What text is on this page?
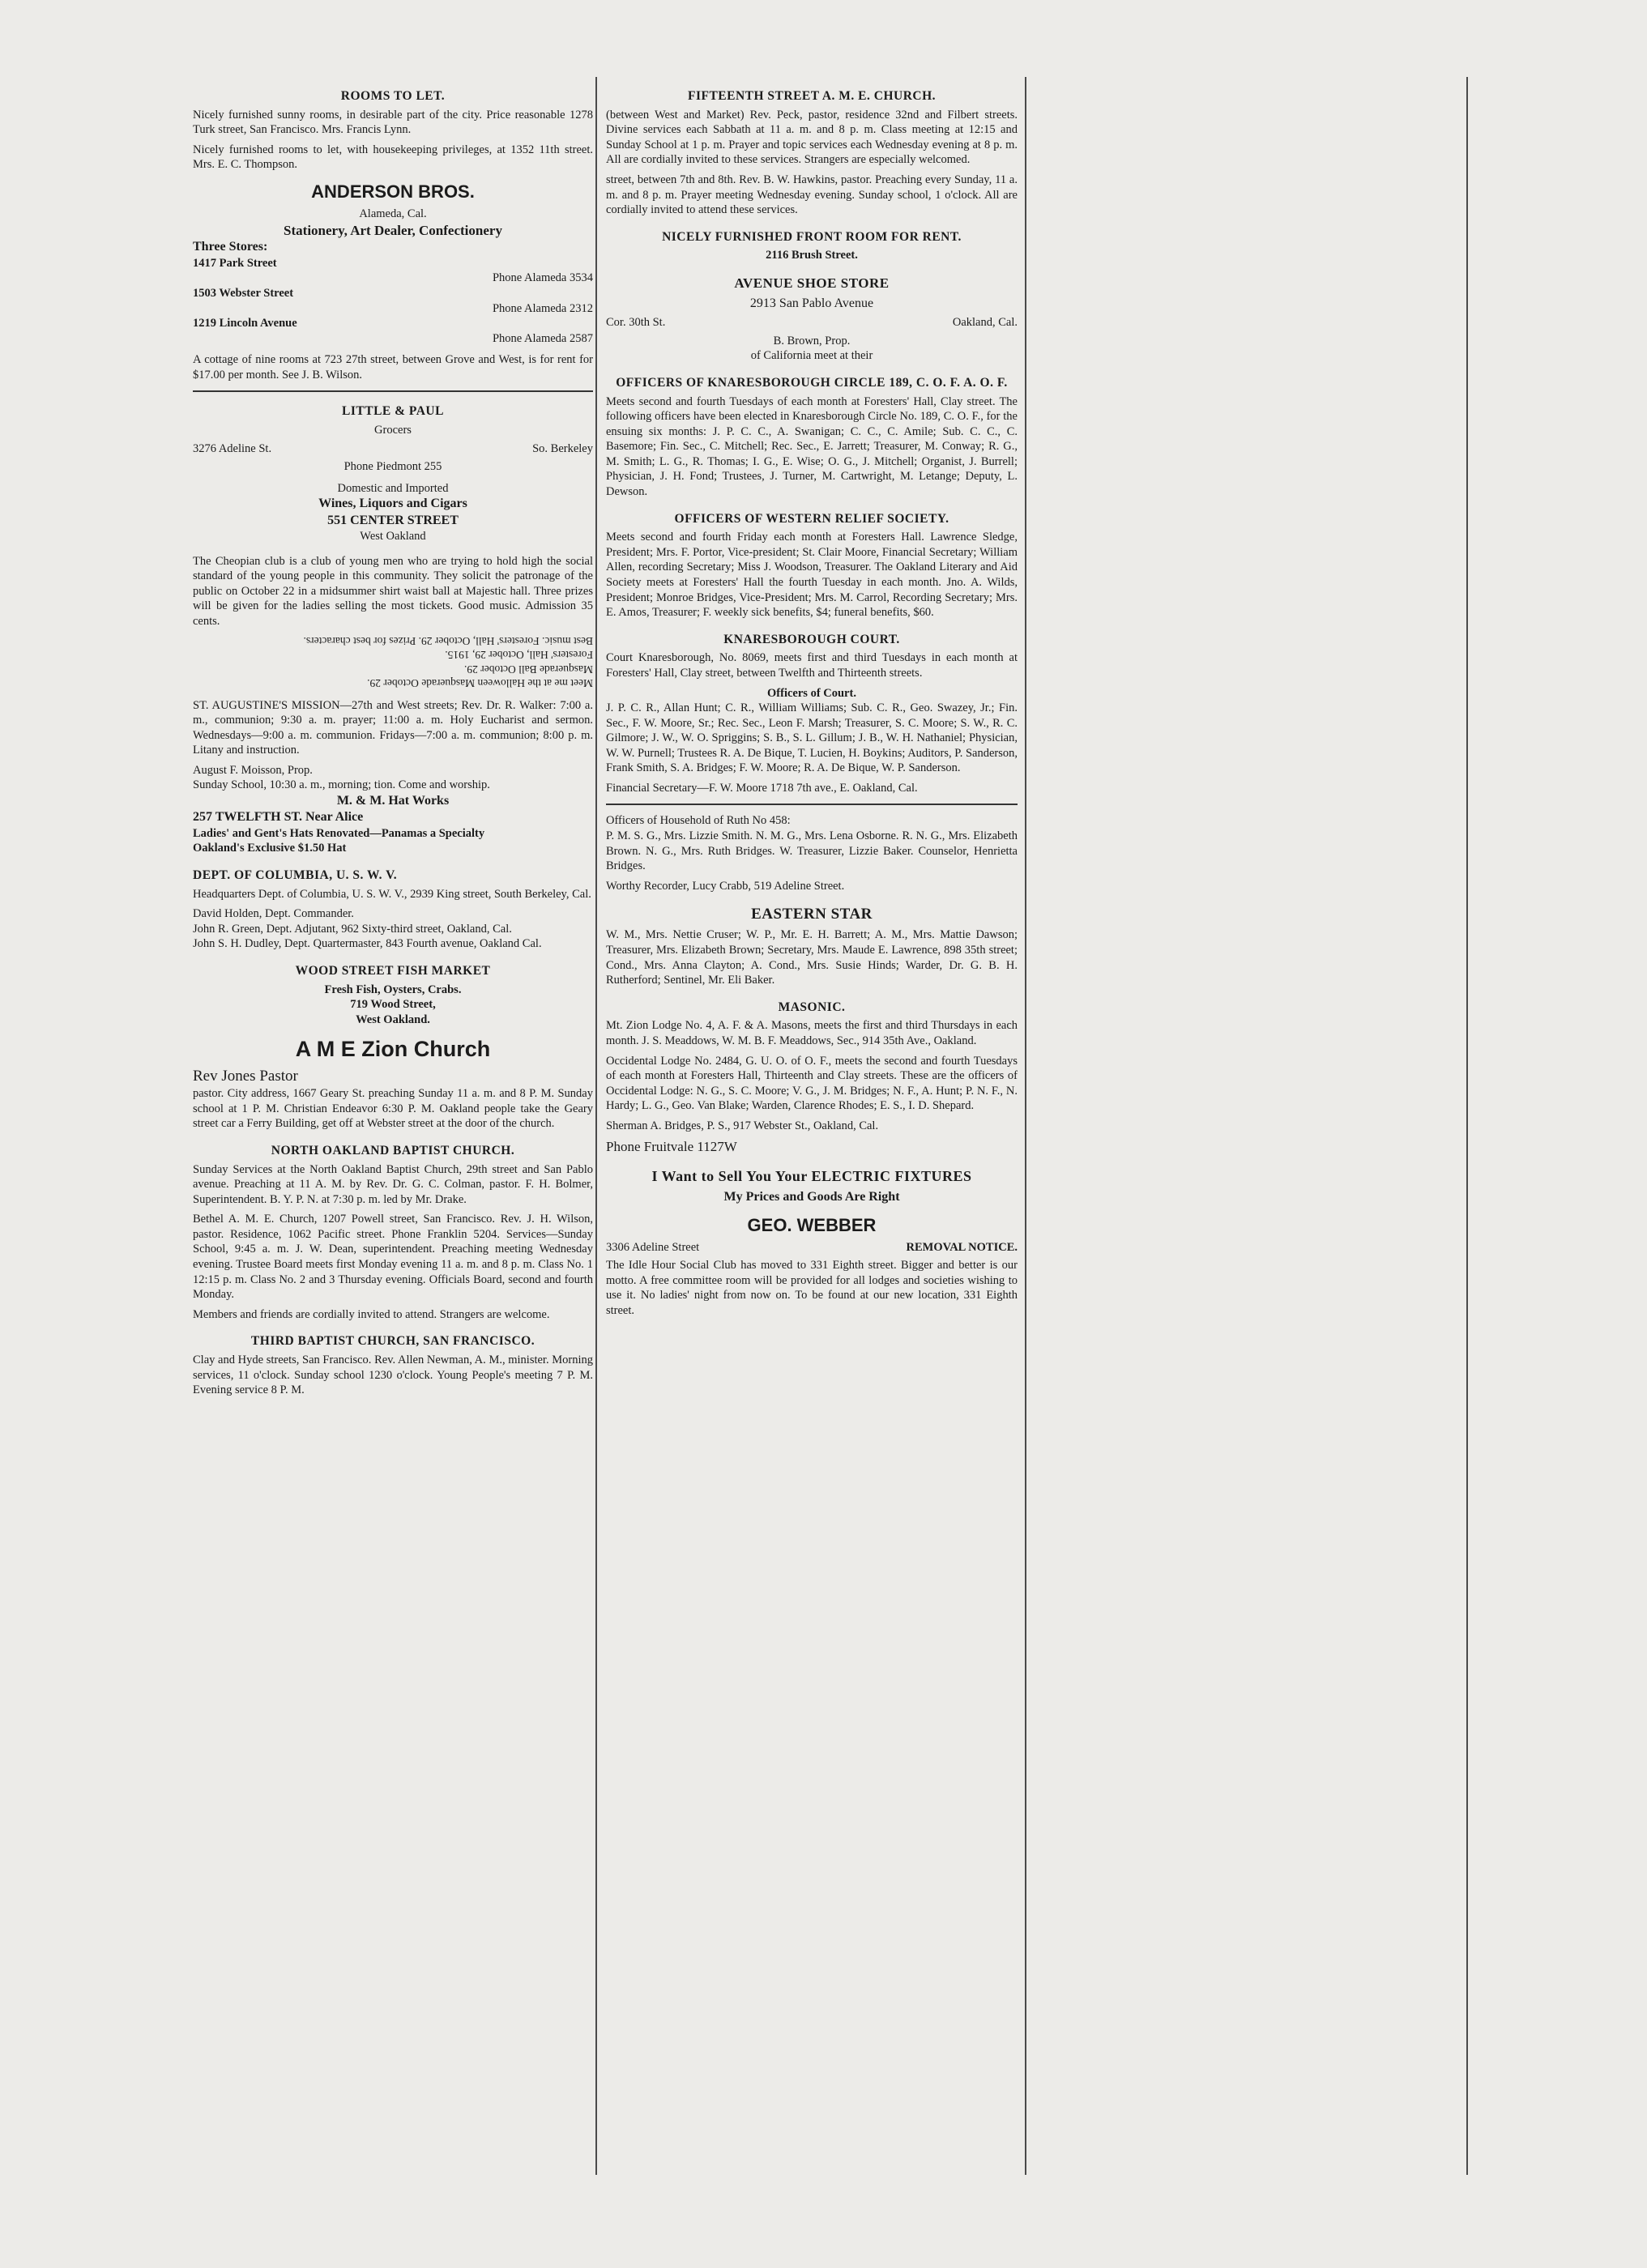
ROOMS TO LET.

Nicely furnished sunny rooms, in desirable part of the city. Price reasonable 1278 Turk street, San Francisco. Mrs. Francis Lynn.

Nicely furnished rooms to let, with housekeeping privileges, at 1352 11th street. Mrs. E. C. Thompson.

ANDERSON BROS.
Alameda, Cal.
Stationery, Art Dealer, Confectionery
Three Stores:
1417 Park Street
Phone Alameda 3534
1503 Webster Street
Phone Alameda 2312
1219 Lincoln Avenue
Phone Alameda 2587

A cottage of nine rooms at 723 27th street, between Grove and West, is for rent for $17.00 per month. See J. B. Wilson.

LITTLE & PAUL
Grocers
3276 Adeline St.	So. Berkeley
Phone Piedmont 255
Domestic and Imported
Wines, Liquors and Cigars
551 CENTER STREET
West Oakland

The Cheopian club is a club of young men who are trying to hold high the social standard of the young people in this community. They solicit the patronage of the public on October 22 in a midsummer shirt waist ball at Majestic hall. Three prizes will be given for the ladies selling the most tickets. Good music. Admission 35 cents.

Meet me at the Halloween Masquerade October 29.
Masquerade Ball October 29.
Foresters' Hall, October 29, 1915.
Best music. Foresters' Hall, October 29. Prizes for best characters.

ST. AUGUSTINE'S MISSION—27th and West streets; Rev. Dr. R. Walker: 7:00 a. m., communion; 9:30 a. m. prayer; 11:00 a. m. Holy Eucharist and sermon. Wednesdays—9:00 a. m. communion. Fridays—7:00 a. m. communion; 8:00 p. m. Litany and instruction.

August F. Moisson, Prop.
Sunday School, 10:30 a. m., morning; tion. Come and worship.
M. & M. Hat Works
257 TWELFTH ST. Near Alice
Ladies' and Gent's Hats Renovated—Panamas a Specialty
Oakland's Exclusive $1.50 Hat
DEPT. OF COLUMBIA, U. S. W. V.

Headquarters Dept. of Columbia, U. S. W. V., 2939 King street, South Berkeley, Cal.

David Holden, Dept. Commander.
John R. Green, Dept. Adjutant, 962 Sixty-third street, Oakland, Cal.
John S. H. Dudley, Dept. Quartermaster, 843 Fourth avenue, Oakland Cal.
WOOD STREET FISH MARKET
Fresh Fish, Oysters, Crabs.
719 Wood Street,
West Oakland.
A M E Zion Church
Rev Jones Pastor

pastor. City address, 1667 Geary St. preaching Sunday 11 a. m. and 8 P. M. Sunday school at 1 P. M. Christian Endeavor 6:30 P. M. Oakland people take the Geary street car a Ferry Building, get off at Webster street at the door of the church.

NORTH OAKLAND BAPTIST CHURCH.

Sunday Services at the North Oakland Baptist Church, 29th street and San Pablo avenue. Preaching at 11 A. M. by Rev. Dr. G. C. Colman, pastor. F. H. Bolmer, Superintendent. B. Y. P. N. at 7:30 p. m. led by Mr. Drake.

Bethel A. M. E. Church, 1207 Powell street, San Francisco. Rev. J. H. Wilson, pastor. Residence, 1062 Pacific street. Phone Franklin 5204. Services—Sunday School, 9:45 a. m. J. W. Dean, superintendent. Preaching meeting Wednesday evening. Trustee Board meets first Monday evening 11 a. m. and 8 p. m. Class No. 1 12:15 p. m. Class No. 2 and 3 Thursday evening. Officials Board, second and fourth Monday.

Members and friends are cordially invited to attend. Strangers are welcome.

THIRD BAPTIST CHURCH, SAN FRANCISCO.

Clay and Hyde streets, San Francisco. Rev. Allen Newman, A. M., minister. Morning services, 11 o'clock. Sunday school 1230 o'clock. Young People's meeting 7 P. M. Evening service 8 P. M.

FIFTEENTH STREET A. M. E. CHURCH.

(between West and Market) Rev. Peck, pastor, residence 32nd and Filbert streets. Divine services each Sabbath at 11 a. m. and 8 p. m. Class meeting at 12:15 and Sunday School at 1 p. m. Prayer and topic services each Wednesday evening at 8 p. m. All are cordially invited to these services. Strangers are especially welcomed.

street, between 7th and 8th. Rev. B. W. Hawkins, pastor. Preaching every Sunday, 11 a. m. and 8 p. m. Prayer meeting Wednesday evening. Sunday school, 1 o'clock. All are cordially invited to attend these services.

NICELY FURNISHED FRONT ROOM FOR RENT.
2116 Brush Street.
AVENUE SHOE STORE
2913 San Pablo Avenue
Cor. 30th St.	Oakland, Cal.
B. Brown, Prop.
of California meet at their
OFFICERS OF KNARESBOROUGH CIRCLE 189, C. O. F. A. O. F.

Meets second and fourth Tuesdays of each month at Foresters' Hall, Clay street. The following officers have been elected in Knaresborough Circle No. 189, C. O. F., for the ensuing six months: J. P. C. C., A. Swanigan; C. C., C. Amile; Sub. C. C., C. Basemore; Fin. Sec., C. Mitchell; Rec. Sec., E. Jarrett; Treasurer, M. Conway; R. G., M. Smith; L. G., R. Thomas; I. G., E. Wise; O. G., J. Mitchell; Organist, J. Burrell; Physician, J. H. Fond; Trustees, J. Turner, M. Cartwright, M. Letange; Deputy, L. Dewson.

OFFICERS OF WESTERN RELIEF SOCIETY.

Meets second and fourth Friday each month at Foresters Hall. Lawrence Sledge, President; Mrs. F. Portor, Vice-president; St. Clair Moore, Financial Secretary; William Allen, recording Secretary; Miss J. Woodson, Treasurer. The Oakland Literary and Aid Society meets at Foresters' Hall the fourth Tuesday in each month. Jno. A. Wilds, President; Monroe Bridges, Vice-President; Mrs. M. Carrol, Recording Secretary; Mrs. E. Amos, Treasurer; F. weekly sick benefits, $4; funeral benefits, $60.

KNARESBOROUGH COURT.

Court Knaresborough, No. 8069, meets first and third Tuesdays in each month at Foresters' Hall, Clay street, between Twelfth and Thirteenth streets.

Officers of Court.

J. P. C. R., Allan Hunt; C. R., William Williams; Sub. C. R., Geo. Swazey, Jr.; Fin. Sec., F. W. Moore, Sr.; Rec. Sec., Leon F. Marsh; Treasurer, S. C. Moore; S. W., R. C. Gilmore; J. W., W. O. Spriggins; S. B., S. L. Gillum; J. B., W. H. Nathaniel; Physician, W. W. Purnell; Trustees R. A. De Bique, T. Lucien, H. Boykins; Auditors, P. Sanderson, Frank Smith, S. A. Bridges; F. W. Moore; R. A. De Bique, W. P. Sanderson.

Financial Secretary—F. W. Moore 1718 7th ave., E. Oakland, Cal.

Officers of Household of Ruth No 458:

P. M. S. G., Mrs. Lizzie Smith. N. M. G., Mrs. Lena Osborne. R. N. G., Mrs. Elizabeth Brown. N. G., Mrs. Ruth Bridges. W. Treasurer, Lizzie Baker. Counselor, Henrietta Bridges.

Worthy Recorder, Lucy Crabb, 519 Adeline Street.

EASTERN STAR

W. M., Mrs. Nettie Cruser; W. P., Mr. E. H. Barrett; A. M., Mrs. Mattie Dawson; Treasurer, Mrs. Elizabeth Brown; Secretary, Mrs. Maude E. Lawrence, 898 35th street; Cond., Mrs. Anna Clayton; A. Cond., Mrs. Susie Hinds; Warder, Dr. G. B. H. Rutherford; Sentinel, Mr. Eli Baker.

MASONIC.

Mt. Zion Lodge No. 4, A. F. & A. Masons, meets the first and third Thursdays in each month. J. S. Meaddows, W. M. B. F. Meaddows, Sec., 914 35th Ave., Oakland.

Occidental Lodge No. 2484, G. U. O. of O. F., meets the second and fourth Tuesdays of each month at Foresters Hall, Thirteenth and Clay streets. These are the officers of Occidental Lodge: N. G., S. C. Moore; V. G., J. M. Bridges; N. F., A. Hunt; P. N. F., N. Hardy; L. G., Geo. Van Blake; Warden, Clarence Rhodes; E. S., I. D. Shepard.

Sherman A. Bridges, P. S., 917 Webster St., Oakland, Cal.

Phone Fruitvale 1127W
I Want to Sell You Your ELECTRIC FIXTURES
My Prices and Goods Are Right
GEO. WEBBER
3306 Adeline Street	REMOVAL NOTICE.

The Idle Hour Social Club has moved to 331 Eighth street. Bigger and better is our motto. A free committee room will be provided for all lodges and societies wishing to use it. No ladies' night from now on. To be found at our new location, 331 Eighth street.
